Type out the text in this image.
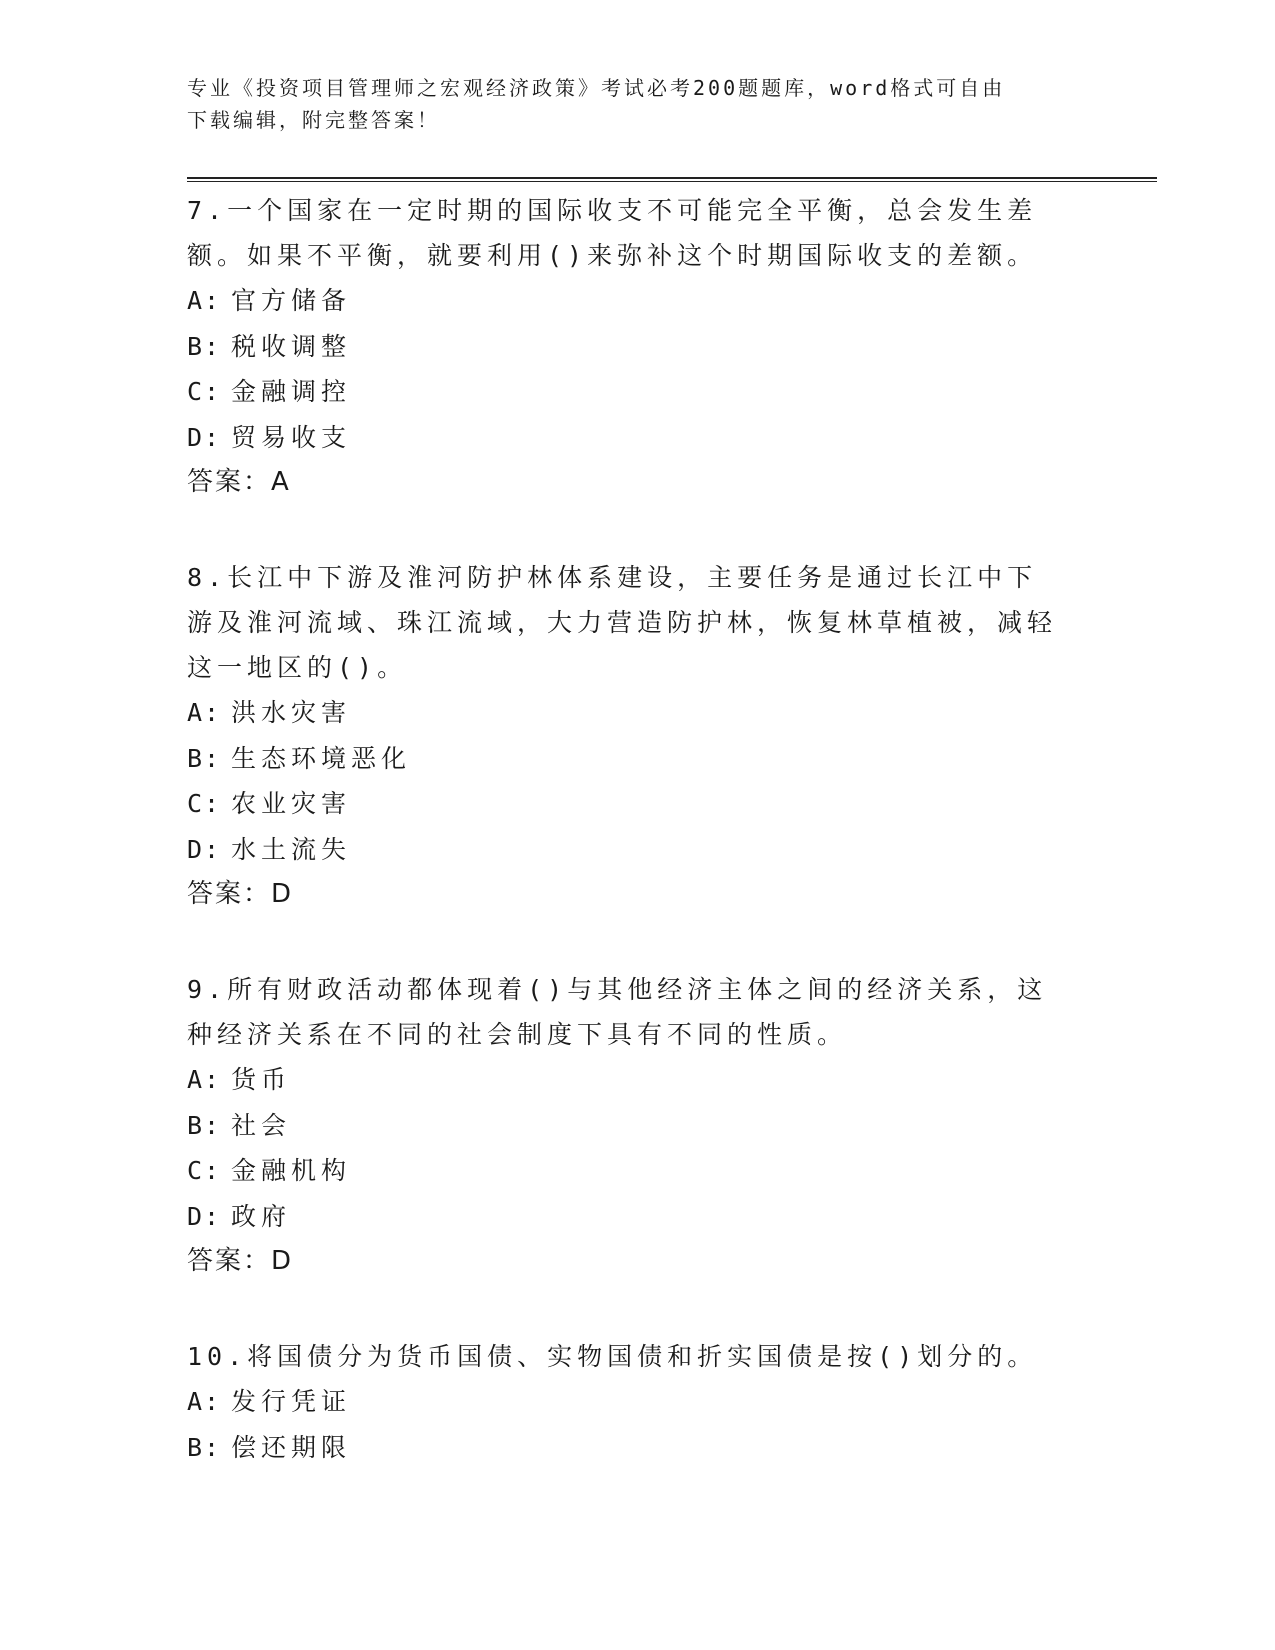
专业《投资项目管理师之宏观经济政策》考试必考200题题库，word格式可自由
下载编辑，附完整答案！

7.一个国家在一定时期的国际收支不可能完全平衡，总会发生差额。如果不平衡，就要利用()来弥补这个时期国际收支的差额。

A: 官方储备

B: 税收调整

C: 金融调控

D: 贸易收支

答案：A

8.长江中下游及淮河防护林体系建设，主要任务是通过长江中下游及淮河流域、珠江流域，大力营造防护林，恢复林草植被，减轻这一地区的()。

A: 洪水灾害

B: 生态环境恶化

C: 农业灾害

D: 水土流失

答案：D

9.所有财政活动都体现着()与其他经济主体之间的经济关系，这种经济关系在不同的社会制度下具有不同的性质。

A: 货币

B: 社会

C: 金融机构

D: 政府

答案：D

10.将国债分为货币国债、实物国债和折实国债是按()划分的。

A: 发行凭证

B: 偿还期限
